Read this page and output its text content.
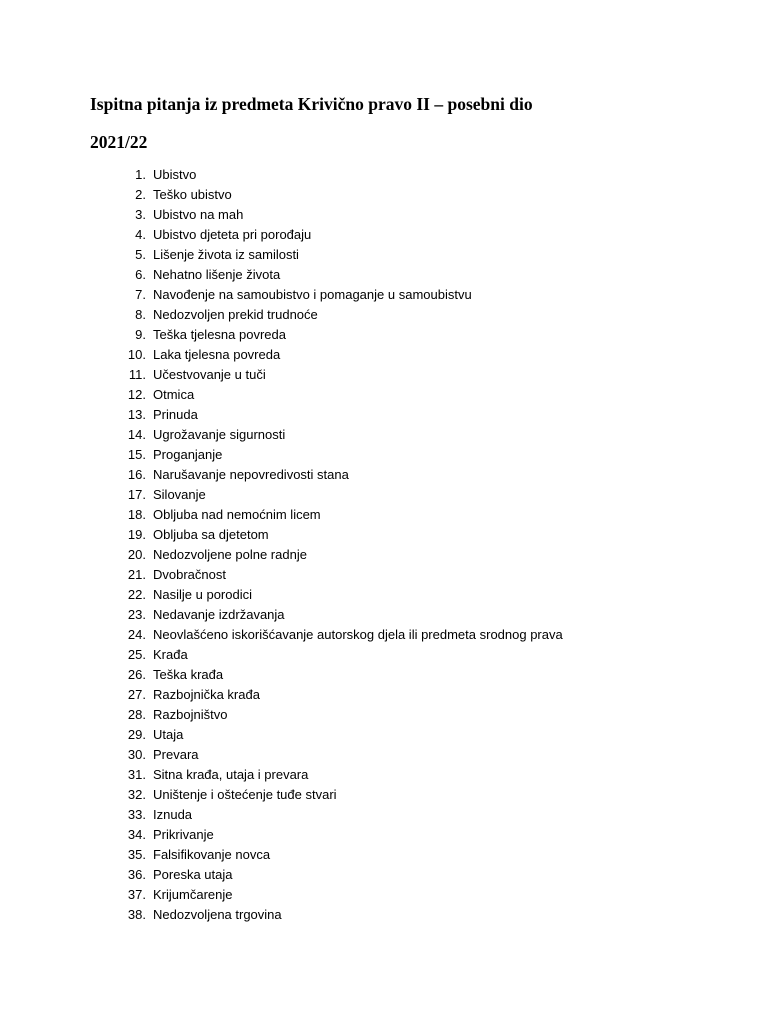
Ispitna pitanja iz predmeta Krivično pravo II – posebni dio
2021/22
1. Ubistvo
2. Teško ubistvo
3. Ubistvo na mah
4. Ubistvo djeteta pri porođaju
5. Lišenje života iz samilosti
6. Nehatno lišenje života
7. Navođenje na samoubistvo i pomaganje u samoubistvu
8. Nedozvoljen prekid trudnoće
9. Teška tjelesna povreda
10. Laka tjelesna povreda
11. Učestvovanje u tuči
12. Otmica
13. Prinuda
14. Ugrožavanje sigurnosti
15. Proganjanje
16. Narušavanje nepovredivosti stana
17. Silovanje
18. Obljuba nad nemoćnim licem
19. Obljuba sa djetetom
20. Nedozvoljene polne radnje
21. Dvobračnost
22. Nasilje u porodici
23. Nedavanje izdržavanja
24. Neovlašćeno iskorišćavanje autorskog djela ili predmeta srodnog prava
25. Krađa
26. Teška krađa
27. Razbojnička krađa
28. Razbojništvo
29. Utaja
30. Prevara
31. Sitna krađa, utaja i prevara
32. Uništenje i oštećenje tuđe stvari
33. Iznuda
34. Prikrivanje
35. Falsifikovanje novca
36. Poreska utaja
37. Krijumčarenje
38. Nedozvoljena trgovina
